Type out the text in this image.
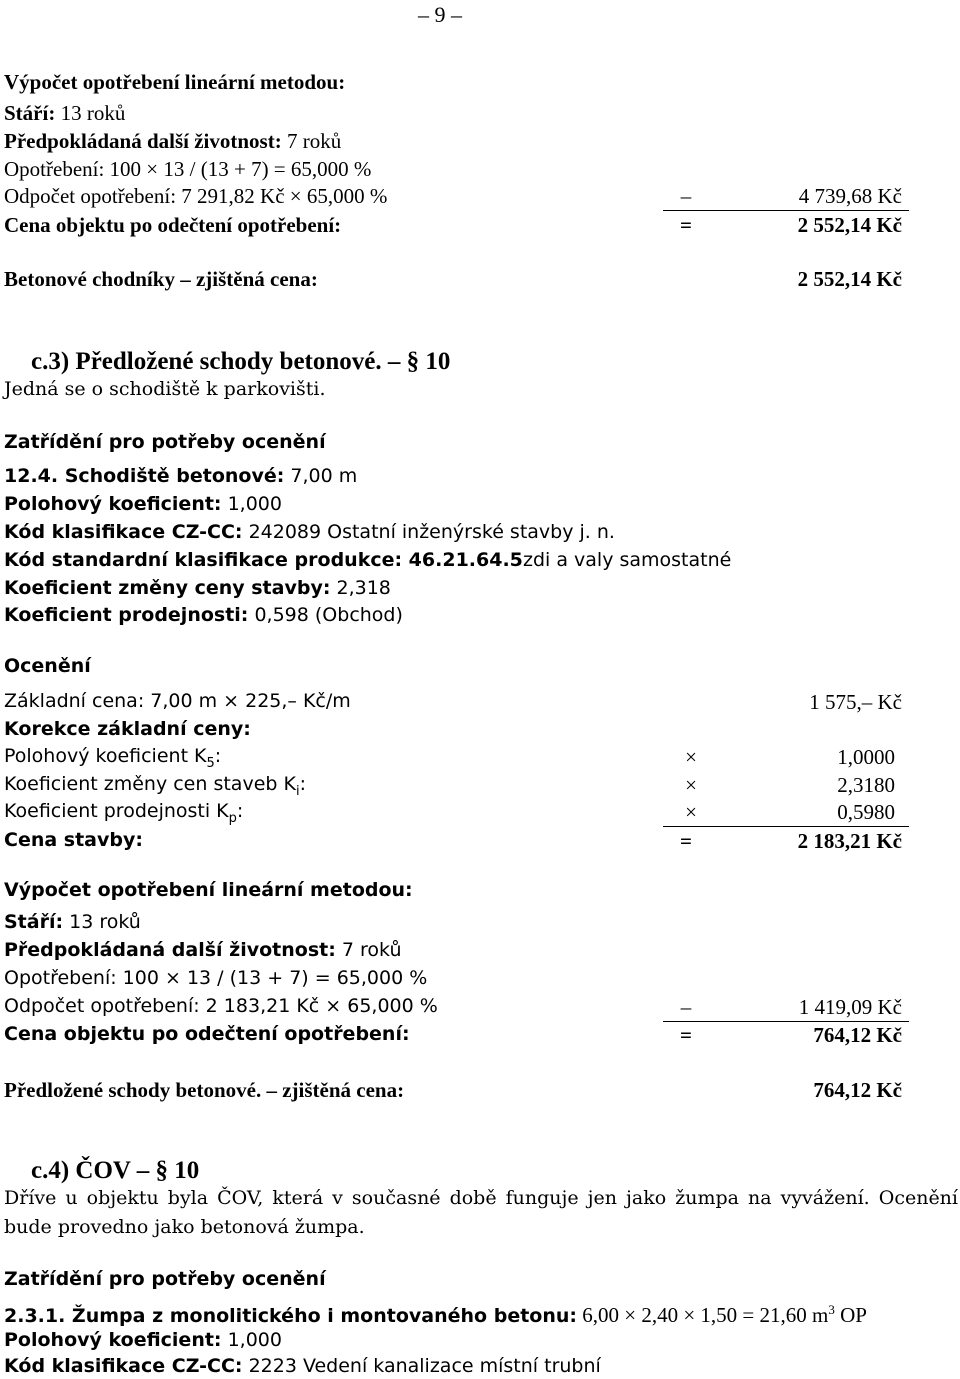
– 9 –
Výpočet opotřebení lineární metodou:
Stáří: 13 roků
Předpokládaná další životnost: 7 roků
Opotřebení: 100 × 13 / (13 + 7) = 65,000 %
Odpočet opotřebení: 7 291,82 Kč × 65,000 %	–	4 739,68 Kč
Cena objektu po odečtení opotřebení:	=	2 552,14 Kč
Betonové chodníky – zjištěná cena:	2 552,14 Kč
c.3) Předložené schody betonové. – § 10
Jedná se o schodiště k parkovišti.
Zatřídění pro potřeby ocenění
12.4. Schodiště betonové: 7,00 m
Polohový koeficient: 1,000
Kód klasifikace CZ-CC: 242089 Ostatní inženýrské stavby j. n.
Kód standardní klasifikace produkce: 46.21.64.5 zdi a valy samostatné
Koeficient změny ceny stavby: 2,318
Koeficient prodejnosti: 0,598 (Obchod)
Ocenění
Základní cena: 7,00 m × 225,– Kč/m	1 575,– Kč
Korekce základní ceny:
Polohový koeficient $K_5$:	×	1,0000
Koeficient změny cen staveb $K_i$:	×	2,3180
Koeficient prodejnosti $K_p$:	×	0,5980
Cena stavby:	=	2 183,21 Kč
Výpočet opotřebení lineární metodou:
Stáří: 13 roků
Předpokládaná další životnost: 7 roků
Opotřebení: 100 × 13 / (13 + 7) = 65,000 %
Odpočet opotřebení: 2 183,21 Kč × 65,000 %	–	1 419,09 Kč
Cena objektu po odečtení opotřebení:	=	764,12 Kč
Předložené schody betonové. – zjištěná cena:	764,12 Kč
c.4) ČOV – § 10
Dříve u objektu byla ČOV, která v současné době funguje jen jako žumpa na vyvážení. Ocenění bude provedno jako betonová žumpa.
Zatřídění pro potřeby ocenění
2.3.1. Žumpa z monolitického i montovaného betonu: 6,00 × 2,40 × 1,50 = 21,60 $m^3$ OP
Polohový koeficient: 1,000
Kód klasifikace CZ-CC: 2223 Vedení kanalizace místní trubní
